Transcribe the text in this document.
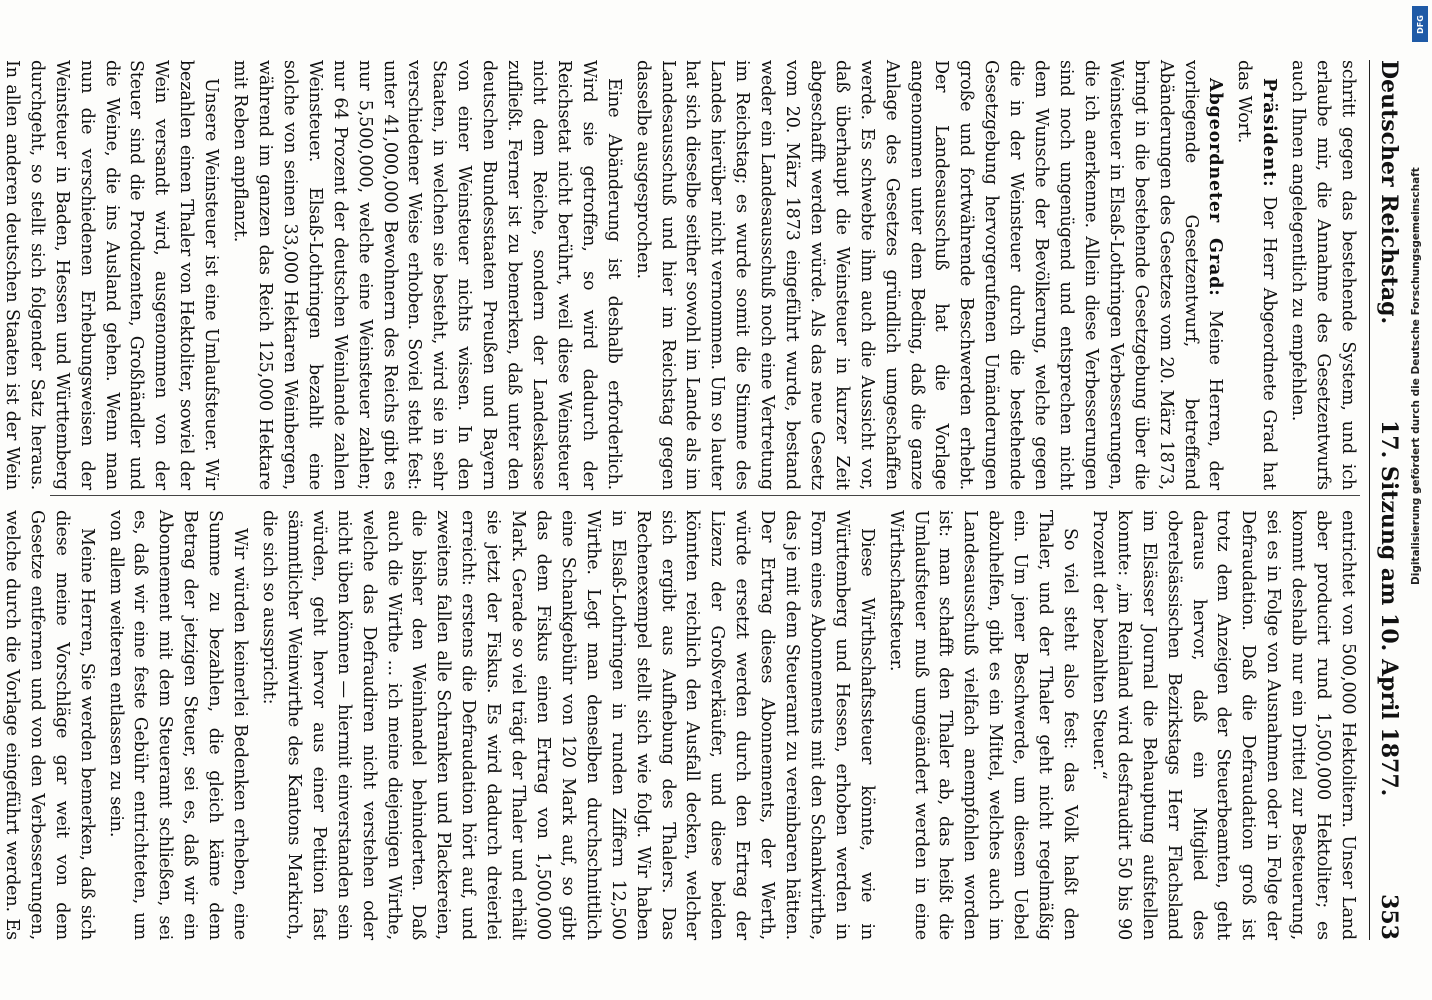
Deutscher Reichstag.
17. Sitzung am 10. April 1877.
353

schritt gegen das bestehende System, und ich erlaube mir, die Annahme des Gesetzentwurfs auch Ihnen angelegentlich zu empfehlen.

Präsident: Der Herr Abgeordnete Grad hat das Wort.

Abgeordneter Grad: Meine Herren, der vorliegende Gesetzentwurf, betreffend Abänderungen des Gesetzes vom 20. März 1873, bringt in die bestehende Gesetzgebung über die Weinsteuer in Elsaß-Lothringen Verbesserungen, die ich anerkenne. Allein diese Verbesserungen sind noch ungenügend und entsprechen nicht dem Wunsche der Bevölkerung, welche gegen die in der Weinsteuer durch die bestehende Gesetzgebung hervorgerufenen Umänderungen große und fortwährende Beschwerden erhebt. Der Landesausschuß hat die Vorlage angenommen unter dem Beding, daß die ganze Anlage des Gesetzes gründlich umgeschaffen werde. Es schwebte ihm auch die Aussicht vor, daß überhaupt die Weinsteuer in kurzer Zeit abgeschafft werden würde. Als das neue Gesetz vom 20. März 1873 eingeführt wurde, bestand weder ein Landesausschuß noch eine Vertretung im Reichstag; es wurde somit die Stimme des Landes hierüber nicht vernommen. Um so lauter hat sich dieselbe seither sowohl im Lande als im Landesausschuß und hier im Reichstag gegen dasselbe ausgesprochen.

Eine Abänderung ist deshalb erforderlich. Wird sie getroffen, so wird dadurch der Reichsetat nicht berührt, weil diese Weinsteuer nicht dem Reiche, sondern der Landeskasse zufließt. Ferner ist zu bemerken, daß unter den deutschen Bundesstaaten Preußen und Bayern von einer Weinsteuer nichts wissen. In den Staaten, in welchen sie besteht, wird sie in sehr verschiedener Weise erhoben. Soviel steht fest: unter 41,000,000 Bewohnern des Reichs gibt es nur 5,500,000, welche eine Weinsteuer zahlen; nur 64 Prozent der deutschen Weinlande zahlen Weinsteuer. Elsaß-Lothringen bezahlt eine solche von seinen 33,000 Hektaren Weinbergen, während im ganzen das Reich 125,000 Hektare mit Reben anpflanzt.

Unsere Weinsteuer ist eine Umlaufsteuer. Wir bezahlen einen Thaler von Hektoliter, sowiel der Wein versandt wird, ausgenommen von der Steuer sind die Produzenten, Großhändler und die Weine, die ins Ausland gehen. Wenn man nun die verschiedenen Erhebungsweisen der Weinsteuer in Baden, Hessen und Württemberg durchgeht, so stellt sich folgender Satz heraus. In allen anderen deutschen Staaten ist der Wein

entrichtet von 500,000 Hektolitern. Unser Land aber producirt rund 1,500,000 Hektoliter; es kommt deshalb nur ein Drittel zur Besteuerung, sei es in Folge von Ausnahmen oder in Folge der Defraudation. Daß die Defraudation groß ist trotz dem Anzeigen der Steuerbeamten, geht daraus hervor, daß ein Mitglied des oberelsässischen Bezirkstags Herr Flachsland im Elsässer Journal die Behauptung aufstellen konnte: „im Reinland wird desfraudirt 50 bis 90 Prozent der bezahlten Steuer.“

So viel steht also fest: das Volk haßt den Thaler, und der Thaler geht nicht regelmäßig ein. Um jener Beschwerde, um diesem Uebel abzuhelfen, gibt es ein Mittel, welches auch im Landesausschuß vielfach anempfohlen worden ist: man schafft den Thaler ab, das heißt die Umlaufsteuer muß umgeändert werden in eine Wirthschaftsteuer.

Diese Wirthschaftssteuer könnte, wie in Württemberg und Hessen, erhoben werden in Form eines Abonnements mit den Schankwirthe, das je mit dem Steueramt zu vereinbaren hätten. Der Ertrag dieses Abonnements, der Werth, würde ersetzt werden durch den Ertrag der Lizenz der Großverkäufer, und diese beiden könnten reichlich den Ausfall decken, welcher sich ergibt aus Aufhebung des Thalers. Das Rechenexempel stellt sich wie folgt. Wir haben in Elsaß-Lothringen in runden Ziffern 12,500 Wirthe. Legt man denselben durchschnittlich eine Schankgebühr von 120 Mark auf, so gibt das dem Fiskus einen Ertrag von 1,500,000 Mark. Gerade so viel trägt der Thaler und erhält sie jetzt der Fiskus. Es wird dadurch dreierlei erreicht: erstens die Defraudation hört auf, und zweitens fallen alle Schranken und Plackereien, die bisher den Weinhandel behinderten. Daß auch die Wirthe ... ich meine diejenigen Wirthe, welche das Defraudiren nicht verstehen oder nicht üben können — hiermit einverstanden sein würden, geht hervor aus einer Petition fast sämmtlicher Weinwirthe des Kantons Markirch, die sich so ausspricht:

Wir würden keinerlei Bedenken erheben, eine Summe zu bezahlen, die gleich käme dem Betrag der jetzigen Steuer, sei es, daß wir ein Abonnement mit dem Steueramt schließen, sei es, daß wir eine feste Gebühr entrichteten, um von allem weiteren entlassen zu sein.

Meine Herren, Sie werden bemerken, daß sich diese meine Vorschläge gar weit von dem Gesetze entfernen und von den Verbesserungen, welche durch die Vorlage eingeführt werden. Es

Digitalisierung gefördert durch die Deutsche Forschungsgemeinschaft
DFG
